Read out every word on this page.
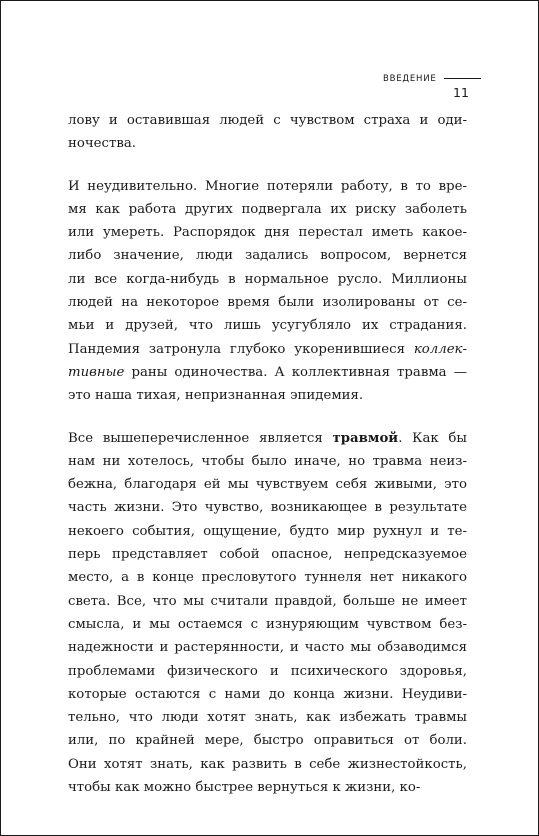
ВВЕДЕНИЕ
11
лову и оставившая людей с чувством страха и оди-
ночества.
И неудивительно. Многие потеряли работу, в то вре-
мя как работа других подвергала их риску заболеть
или умереть. Распорядок дня перестал иметь какое-
либо значение, люди задались вопросом, вернется
ли все когда-нибудь в нормальное русло. Миллионы
людей на некоторое время были изолированы от се-
мьи и друзей, что лишь усугубляло их страдания.
Пандемия затронула глубоко укоренившиеся коллек-
тивные раны одиночества. А коллективная травма —
это наша тихая, непризнанная эпидемия.
Все вышеперечисленное является травмой. Как бы
нам ни хотелось, чтобы было иначе, но травма неиз-
бежна, благодаря ей мы чувствуем себя живыми, это
часть жизни. Это чувство, возникающее в результате
некоего события, ощущение, будто мир рухнул и те-
перь представляет собой опасное, непредсказуемое
место, а в конце пресловутого туннеля нет никакого
света. Все, что мы считали правдой, больше не имеет
смысла, и мы остаемся с изнуряющим чувством без-
надежности и растерянности, и часто мы обзаводимся
проблемами физического и психического здоровья,
которые остаются с нами до конца жизни. Неудиви-
тельно, что люди хотят знать, как избежать травмы
или, по крайней мере, быстро оправиться от боли.
Они хотят знать, как развить в себе жизнестойкость,
чтобы как можно быстрее вернуться к жизни, ко-
